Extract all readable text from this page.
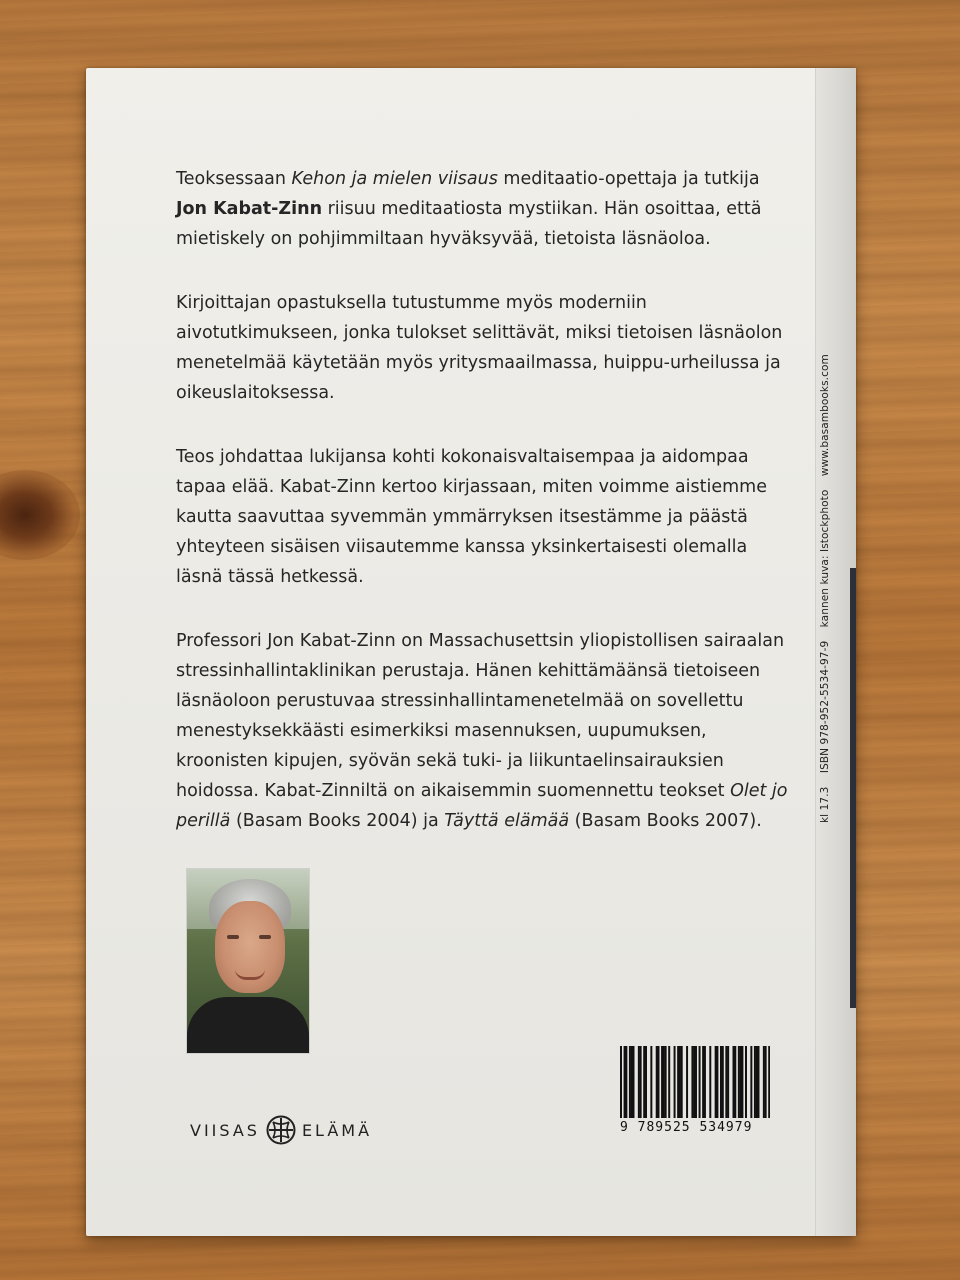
Teoksessaan Kehon ja mielen viisaus meditaatio-opettaja ja tutkija Jon Kabat-Zinn riisuu meditaatiosta mystiikan. Hän osoittaa, että mietiskely on pohjimmiltaan hyväksyvää, tietoista läsnäoloa.

Kirjoittajan opastuksella tutustumme myös moderniin aivotutkimukseen, jonka tulokset selittävät, miksi tietoisen läsnäolon menetelmää käytetään myös yritysmaailmassa, huippu-urheilussa ja oikeuslaitoksessa.

Teos johdattaa lukijansa kohti kokonaisvaltaisempaa ja aidompaa tapaa elää. Kabat-Zinn kertoo kirjassaan, miten voimme aistiemme kautta saavuttaa syvemmän ymmärryksen itsestämme ja päästä yhteyteen sisäisen viisautemme kanssa yksinkertaisesti olemalla läsnä tässä hetkessä.

Professori Jon Kabat-Zinn on Massachusettsin yliopistollisen sairaalan stressinhallintaklinikan perustaja. Hänen kehittämäänsä tietoiseen läsnäoloon perustuvaa stressinhallintamenetelmää on sovellettu menestyksekkäästi esimerkiksi masennuksen, uupumuksen, kroonisten kipujen, syövän sekä tuki- ja liikuntaelinsairauksien hoidossa. Kabat-Zinniltä on aikaisemmin suomennettu teokset Olet jo perillä (Basam Books 2004) ja Täyttä elämää (Basam Books 2007).	kl 17.3 ISBN 978-952-5534-97-9 kannen kuva: Istockphoto www.basambooks.com
VIISAS	ELÄMÄ	9 789525 534979
